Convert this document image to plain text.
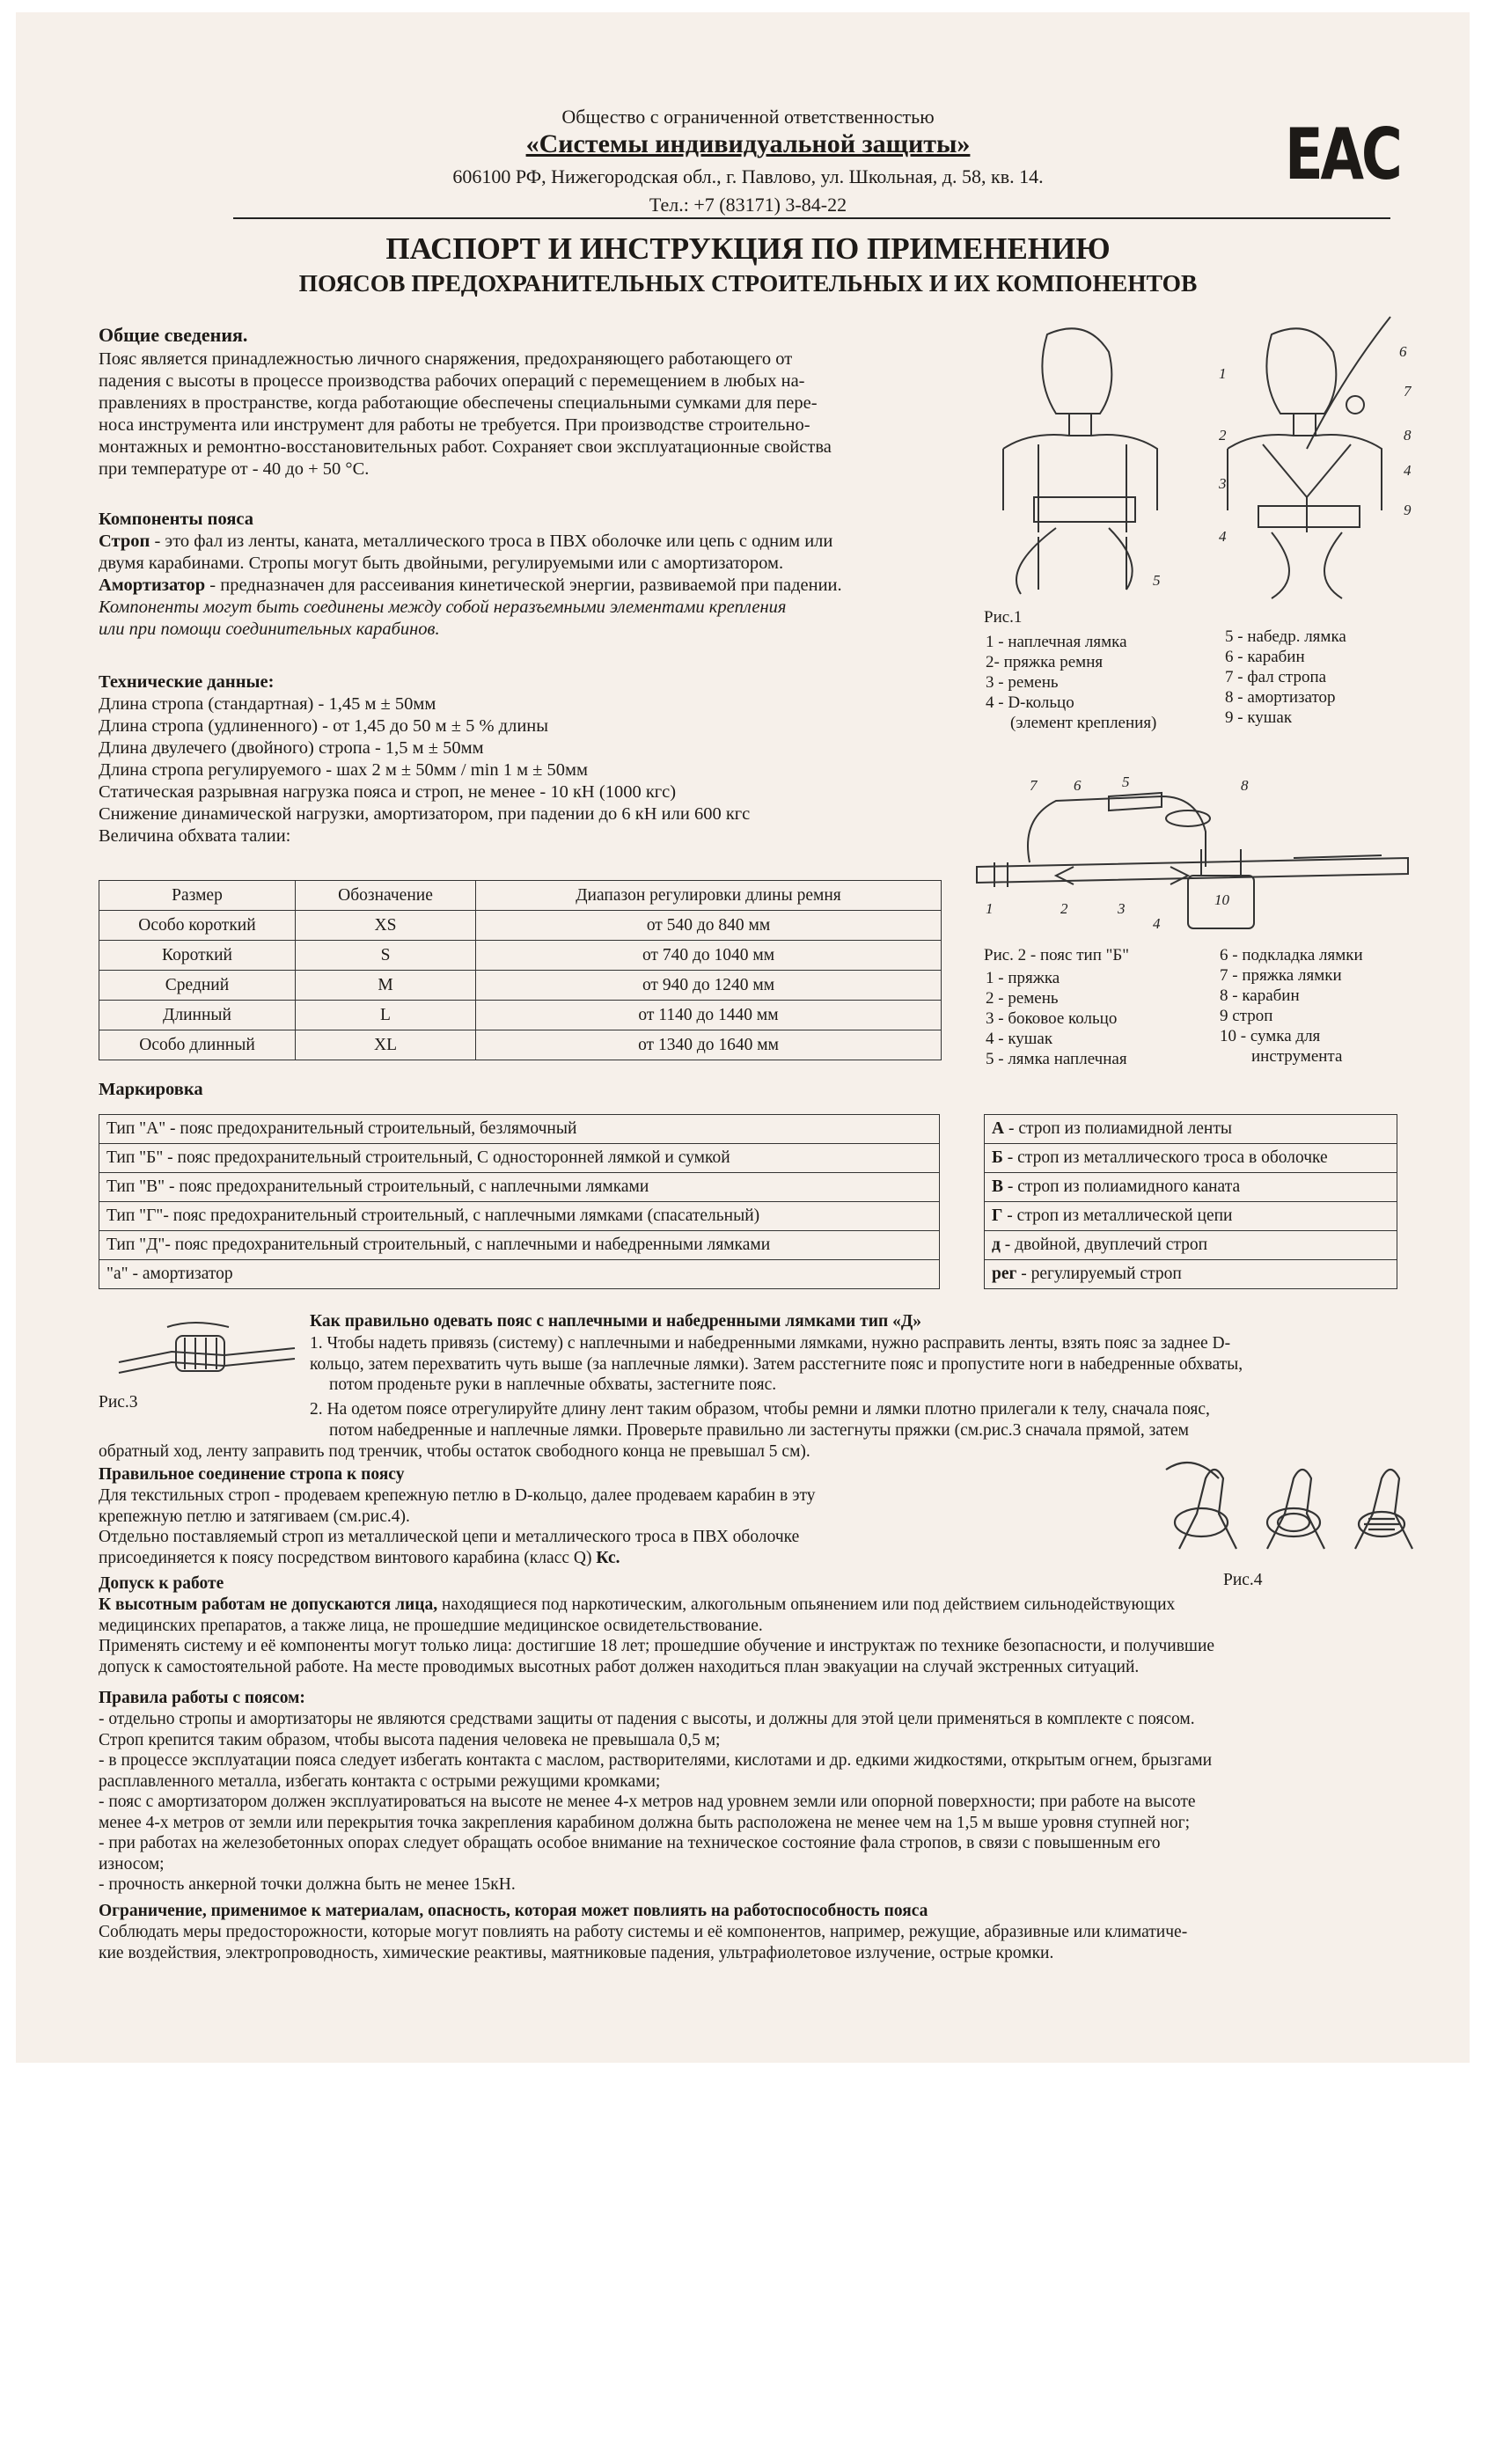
Общество с ограниченной ответственностью
«Системы индивидуальной защиты»
606100 РФ, Нижегородская обл., г. Павлово, ул. Школьная, д. 58, кв. 14.
Тел.: +7 (83171) 3-84-22
EAC
ПАСПОРТ И ИНСТРУКЦИЯ ПО ПРИМЕНЕНИЮ
ПОЯСОВ ПРЕДОХРАНИТЕЛЬНЫХ СТРОИТЕЛЬНЫХ И ИХ КОМПОНЕНТОВ
Общие сведения.
Пояс является принадлежностью личного снаряжения, предохраняющего работающего от
падения с высоты в процессе производства рабочих операций с перемещением в любых на-
правлениях в пространстве, когда работающие обеспечены специальными сумками для пере-
носа инструмента или инструмент для работы не требуется. При производстве строительно-
монтажных и ремонтно-восстановительных работ. Сохраняет свои эксплуатационные свойства
при температуре от - 40 до + 50 °С.
Компоненты пояса
Строп - это фал из ленты, каната, металлического троса в ПВХ оболочке или цепь с одним или
двумя карабинами. Стропы могут быть двойными, регулируемыми или с амортизатором.
Амортизатор - предназначен для рассеивания кинетической энергии, развиваемой при падении.
Компоненты могут быть соединены между собой неразъемными элементами крепления
или при помощи соединительных карабинов.
Технические данные:
Длина стропа (стандартная) - 1,45 м ± 50мм
Длина стропа (удлиненного) - от 1,45 до 50 м ± 5 % длины
Длина двулечего (двойного) стропа - 1,5 м ± 50мм
Длина стропа регулируемого - шах 2 м ± 50мм / min 1 м ± 50мм
Статическая разрывная нагрузка пояса и строп, не менее - 10 кН (1000 кгс)
Снижение динамической нагрузки, амортизатором, при падении до 6 кН или 600 кгс
Величина обхвата талии:
Размер	Обозначение	Диапазон регулировки длины ремня
Особо короткий	XS	от 540 до 840 мм
Короткий	S	от 740 до 1040 мм
Средний	M	от 940 до 1240 мм
Длинный	L	от 1140 до 1440 мм
Особо длинный	XL	от 1340 до 1640 мм
1
2
3
4
5
6
7
8
4
9
Рис.1
1 - наплечная лямка
2- пряжка ремня
3 - ремень
4 - D-кольцо
(элемент крепления)
5 - набедр. лямка
6 - карабин
7 - фал стропа
8 - амортизатор
9 - кушак
7 6	5	8
1	2	3
4
10
Рис. 2 - пояс тип "Б"
1 - пряжка
2 - ремень
3 - боковое кольцо
4 - кушак
5 - лямка наплечная
6 - подкладка лямки
7 - пряжка лямки
8 - карабин
9 строп
10 - сумка для
инструмента
Маркировка
Тип "А" - пояс предохранительный строительный, безлямочный
Тип "Б" - пояс предохранительный строительный, С односторонней лямкой и сумкой
Тип "В" - пояс предохранительный строительный, с наплечными лямками
Тип "Г"- пояс предохранительный строительный, с наплечными лямками (спасательный)
Тип "Д"- пояс предохранительный строительный, с наплечными и набедренными лямками
"а" - амортизатор
А - строп из полиамидной ленты
Б - строп из металлического троса в оболочке
В - строп из полиамидного каната
Г - строп из металлической цепи
д - двойной, двуплечий строп
рег - регулируемый строп
Рис.3
Как правильно одевать пояс с наплечными и набедренными лямками тип «Д»
1. Чтобы надеть привязь (систему) с наплечными и набедренными лямками, нужно расправить ленты, взять пояс за заднее D-
кольцо, затем перехватить чуть выше (за наплечные лямки). Затем расстегните пояс и пропустите ноги в набедренные обхваты,
потом проденьте руки в наплечные обхваты, застегните пояс.
2. На одетом поясе отрегулируйте длину лент таким образом, чтобы ремни и лямки плотно прилегали к телу, сначала пояс,
потом набедренные и наплечные лямки. Проверьте правильно ли застегнуты пряжки (см.рис.3 сначала прямой, затем
обратный ход, ленту заправить под тренчик, чтобы остаток свободного конца не превышал 5 см).
Правильное соединение стропа к поясу
Для текстильных строп - продеваем крепежную петлю в D-кольцо, далее продеваем карабин в эту
крепежную петлю и затягиваем (см.рис.4).
Отдельно поставляемый строп из металлической цепи и металлического троса в ПВХ оболочке
присоединяется к поясу посредством винтового карабина (класс Q) Кс.
Рис.4
Допуск к работе
К высотным работам не допускаются лица, находящиеся под наркотическим, алкогольным опьянением или под действием сильнодействующих
медицинских препаратов, а также лица, не прошедшие медицинское освидетельствование.
Применять систему и её компоненты могут только лица: достигшие 18 лет; прошедшие обучение и инструктаж по технике безопасности, и получившие
допуск к самостоятельной работе. На месте проводимых высотных работ должен находиться план эвакуации на случай экстренных ситуаций.
Правила работы с поясом:
- отдельно стропы и амортизаторы не являются средствами защиты от падения с высоты, и должны для этой цели применяться в комплекте с поясом.
Строп крепится таким образом, чтобы высота падения человека не превышала 0,5 м;
- в процессе эксплуатации пояса следует избегать контакта с маслом, растворителями, кислотами и др. едкими жидкостями, открытым огнем, брызгами
расплавленного металла, избегать контакта с острыми режущими кромками;
- пояс с амортизатором должен эксплуатироваться на высоте не менее 4-х метров над уровнем земли или опорной поверхности; при работе на высоте
менее 4-х метров от земли или перекрытия точка закрепления карабином должна быть расположена не менее чем на 1,5 м выше уровня ступней ног;
- при работах на железобетонных опорах следует обращать особое внимание на техническое состояние фала стропов, в связи с повышенным его
износом;
- прочность анкерной точки должна быть не менее 15кН.
Ограничение, применимое к материалам, опасность, которая может повлиять на работоспособность пояса
Соблюдать меры предосторожности, которые могут повлиять на работу системы и её компонентов, например, режущие, абразивные или климатиче-
кие воздействия, электропроводность, химические реактивы, маятниковые падения, ультрафиолетовое излучение, острые кромки.
